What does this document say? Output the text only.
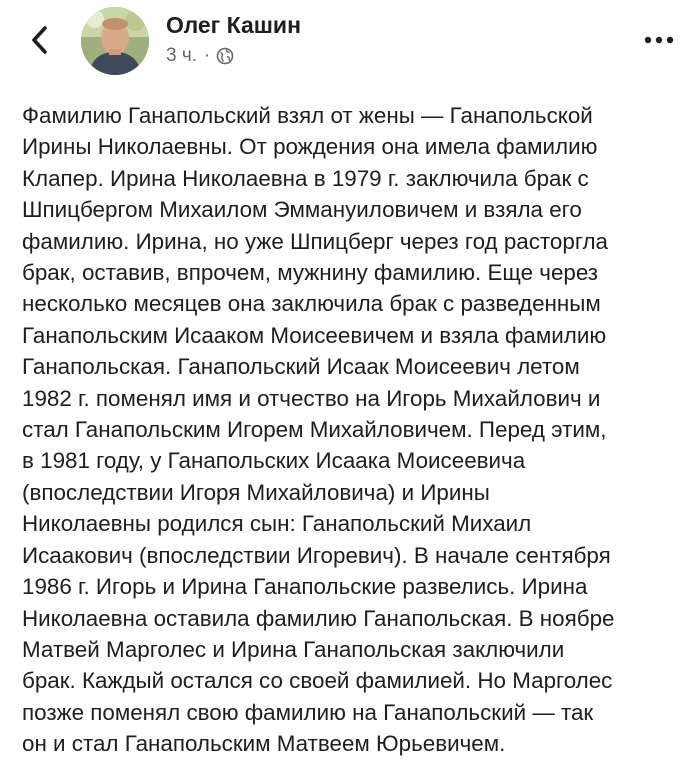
Олег Кашин
3 ч. ·

Фамилию Ганапольский взял от жены — Ганапольской
Ирины Николаевны. От рождения она имела фамилию
Клапер. Ирина Николаевна в 1979 г. заключила брак с
Шпицбергом Михаилом Эммануиловичем и взяла его
фамилию. Ирина, но уже Шпицберг через год расторгла
брак, оставив, впрочем, мужнину фамилию. Еще через
несколько месяцев она заключила брак с разведенным
Ганапольским Исааком Моисеевичем и взяла фамилию
Ганапольская. Ганапольский Исаак Моисеевич летом
1982 г. поменял имя и отчество на Игорь Михайлович и
стал Ганапольским Игорем Михайловичем. Перед этим,
в 1981 году, у Ганапольских Исаака Моисеевича
(впоследствии Игоря Михайловича) и Ирины
Николаевны родился сын: Ганапольский Михаил
Исаакович (впоследствии Игоревич). В начале сентября
1986 г. Игорь и Ирина Ганапольские развелись. Ирина
Николаевна оставила фамилию Ганапольская. В ноябре
Матвей Марголес и Ирина Ганапольская заключили
брак. Каждый остался со своей фамилией. Но Марголес
позже поменял свою фамилию на Ганапольский — так
он и стал Ганапольским Матвеем Юрьевичем.
